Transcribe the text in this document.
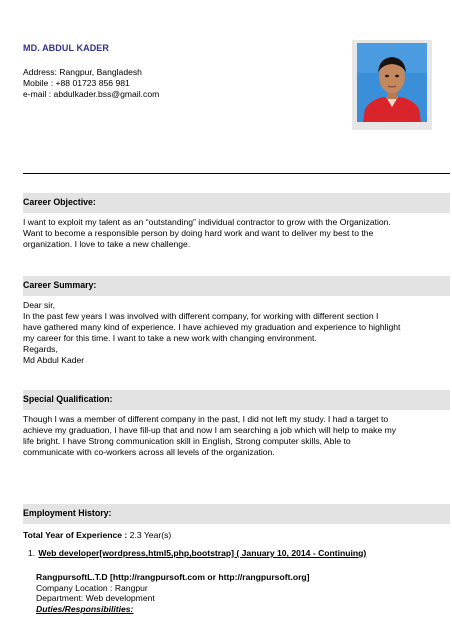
MD. ABDUL KADER
Address: Rangpur, Bangladesh
Mobile : +88 01723 856 981
e-mail : abdulkader.bss@gmail.com
Career Objective:
I want to exploit my talent as an “outstanding” individual contractor to grow with the Organization.
Want to become a responsible person by doing hard work and want to deliver my best to the
organization. I love to take a new challenge.
Career Summary:
Dear sir,
In the past few years I was involved with different company, for working with different section I
have gathered many kind of experience. I have achieved my graduation and experience to highlight
my career for this time. I want to take a new work with changing environment.
Regards,
Md Abdul Kader
Special Qualification:
Though I was a member of different company in the past, I did not left my study. I had a target to
achieve my graduation, I have fill-up that and now I am searching a job which will help to make my
life bright. I have Strong communication skill in English, Strong computer skills, Able to
communicate with co-workers across all levels of the organization.
Employment History:
Total Year of Experience : 2.3 Year(s)
1. Web developer[wordpress,html5,php,bootstrap] ( January 10, 2014 - Continuing)
RangpursoftL.T.D [http://rangpursoft.com or http://rangpursoft.org]
Company Location : Rangpur
Department: Web development
Duties/Responsibilities:
